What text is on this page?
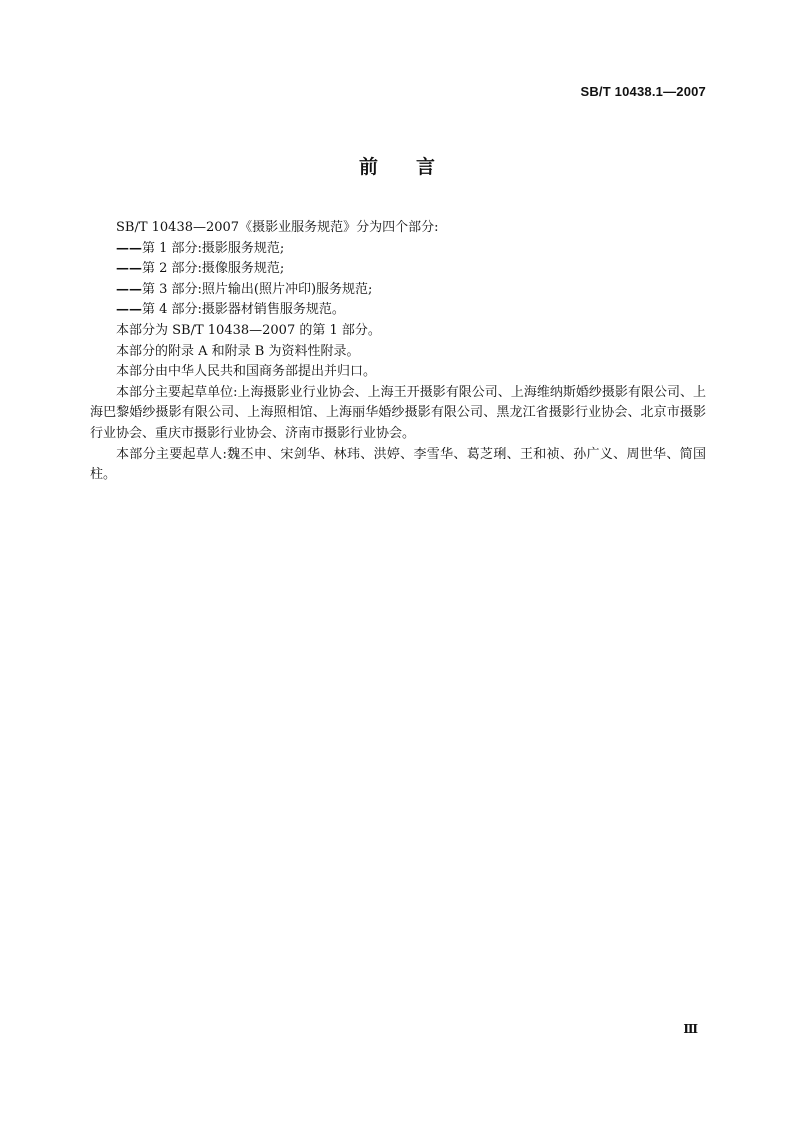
SB/T 10438.1—2007
前言

SB/T 10438—2007《摄影业服务规范》分为四个部分:

——第 1 部分:摄影服务规范;

——第 2 部分:摄像服务规范;

——第 3 部分:照片输出(照片冲印)服务规范;

——第 4 部分:摄影器材销售服务规范。

本部分为 SB/T 10438—2007 的第 1 部分。

本部分的附录 A 和附录 B 为资料性附录。

本部分由中华人民共和国商务部提出并归口。

本部分主要起草单位:上海摄影业行业协会、上海王开摄影有限公司、上海维纳斯婚纱摄影有限公司、上海巴黎婚纱摄影有限公司、上海照相馆、上海丽华婚纱摄影有限公司、黑龙江省摄影行业协会、北京市摄影行业协会、重庆市摄影行业协会、济南市摄影行业协会。

本部分主要起草人:魏丕申、宋剑华、林玮、洪婷、李雪华、葛芝琍、王和祯、孙广义、周世华、简国柱。

Ⅲ
